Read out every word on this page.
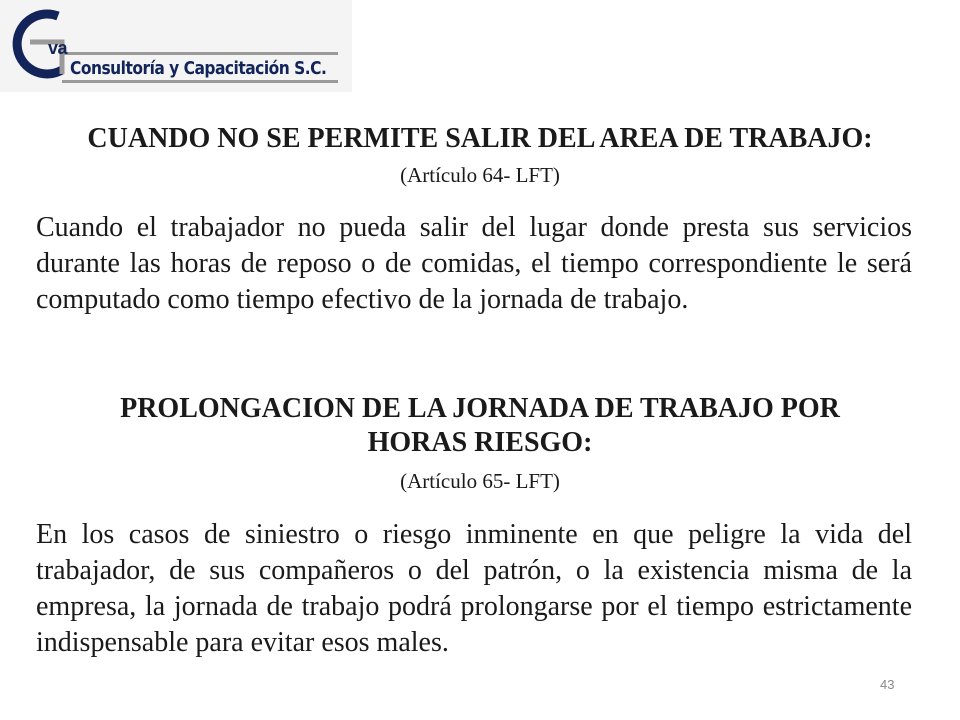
va
Consultoría y Capacitación S.C.
CUANDO NO SE PERMITE SALIR DEL AREA DE TRABAJO:
(Artículo 64- LFT)
Cuando el trabajador no pueda salir del lugar donde presta sus servicios durante las horas de reposo o de comidas, el tiempo correspondiente le será computado como tiempo efectivo de la jornada de trabajo.
PROLONGACION DE LA JORNADA DE TRABAJO POR
HORAS RIESGO:
(Artículo 65- LFT)
En los casos de siniestro o riesgo inminente en que peligre la vida del trabajador, de sus compañeros o del patrón, o la existencia misma de la empresa, la jornada de trabajo podrá prolongarse por el tiempo estrictamente indispensable para evitar esos males.
43
